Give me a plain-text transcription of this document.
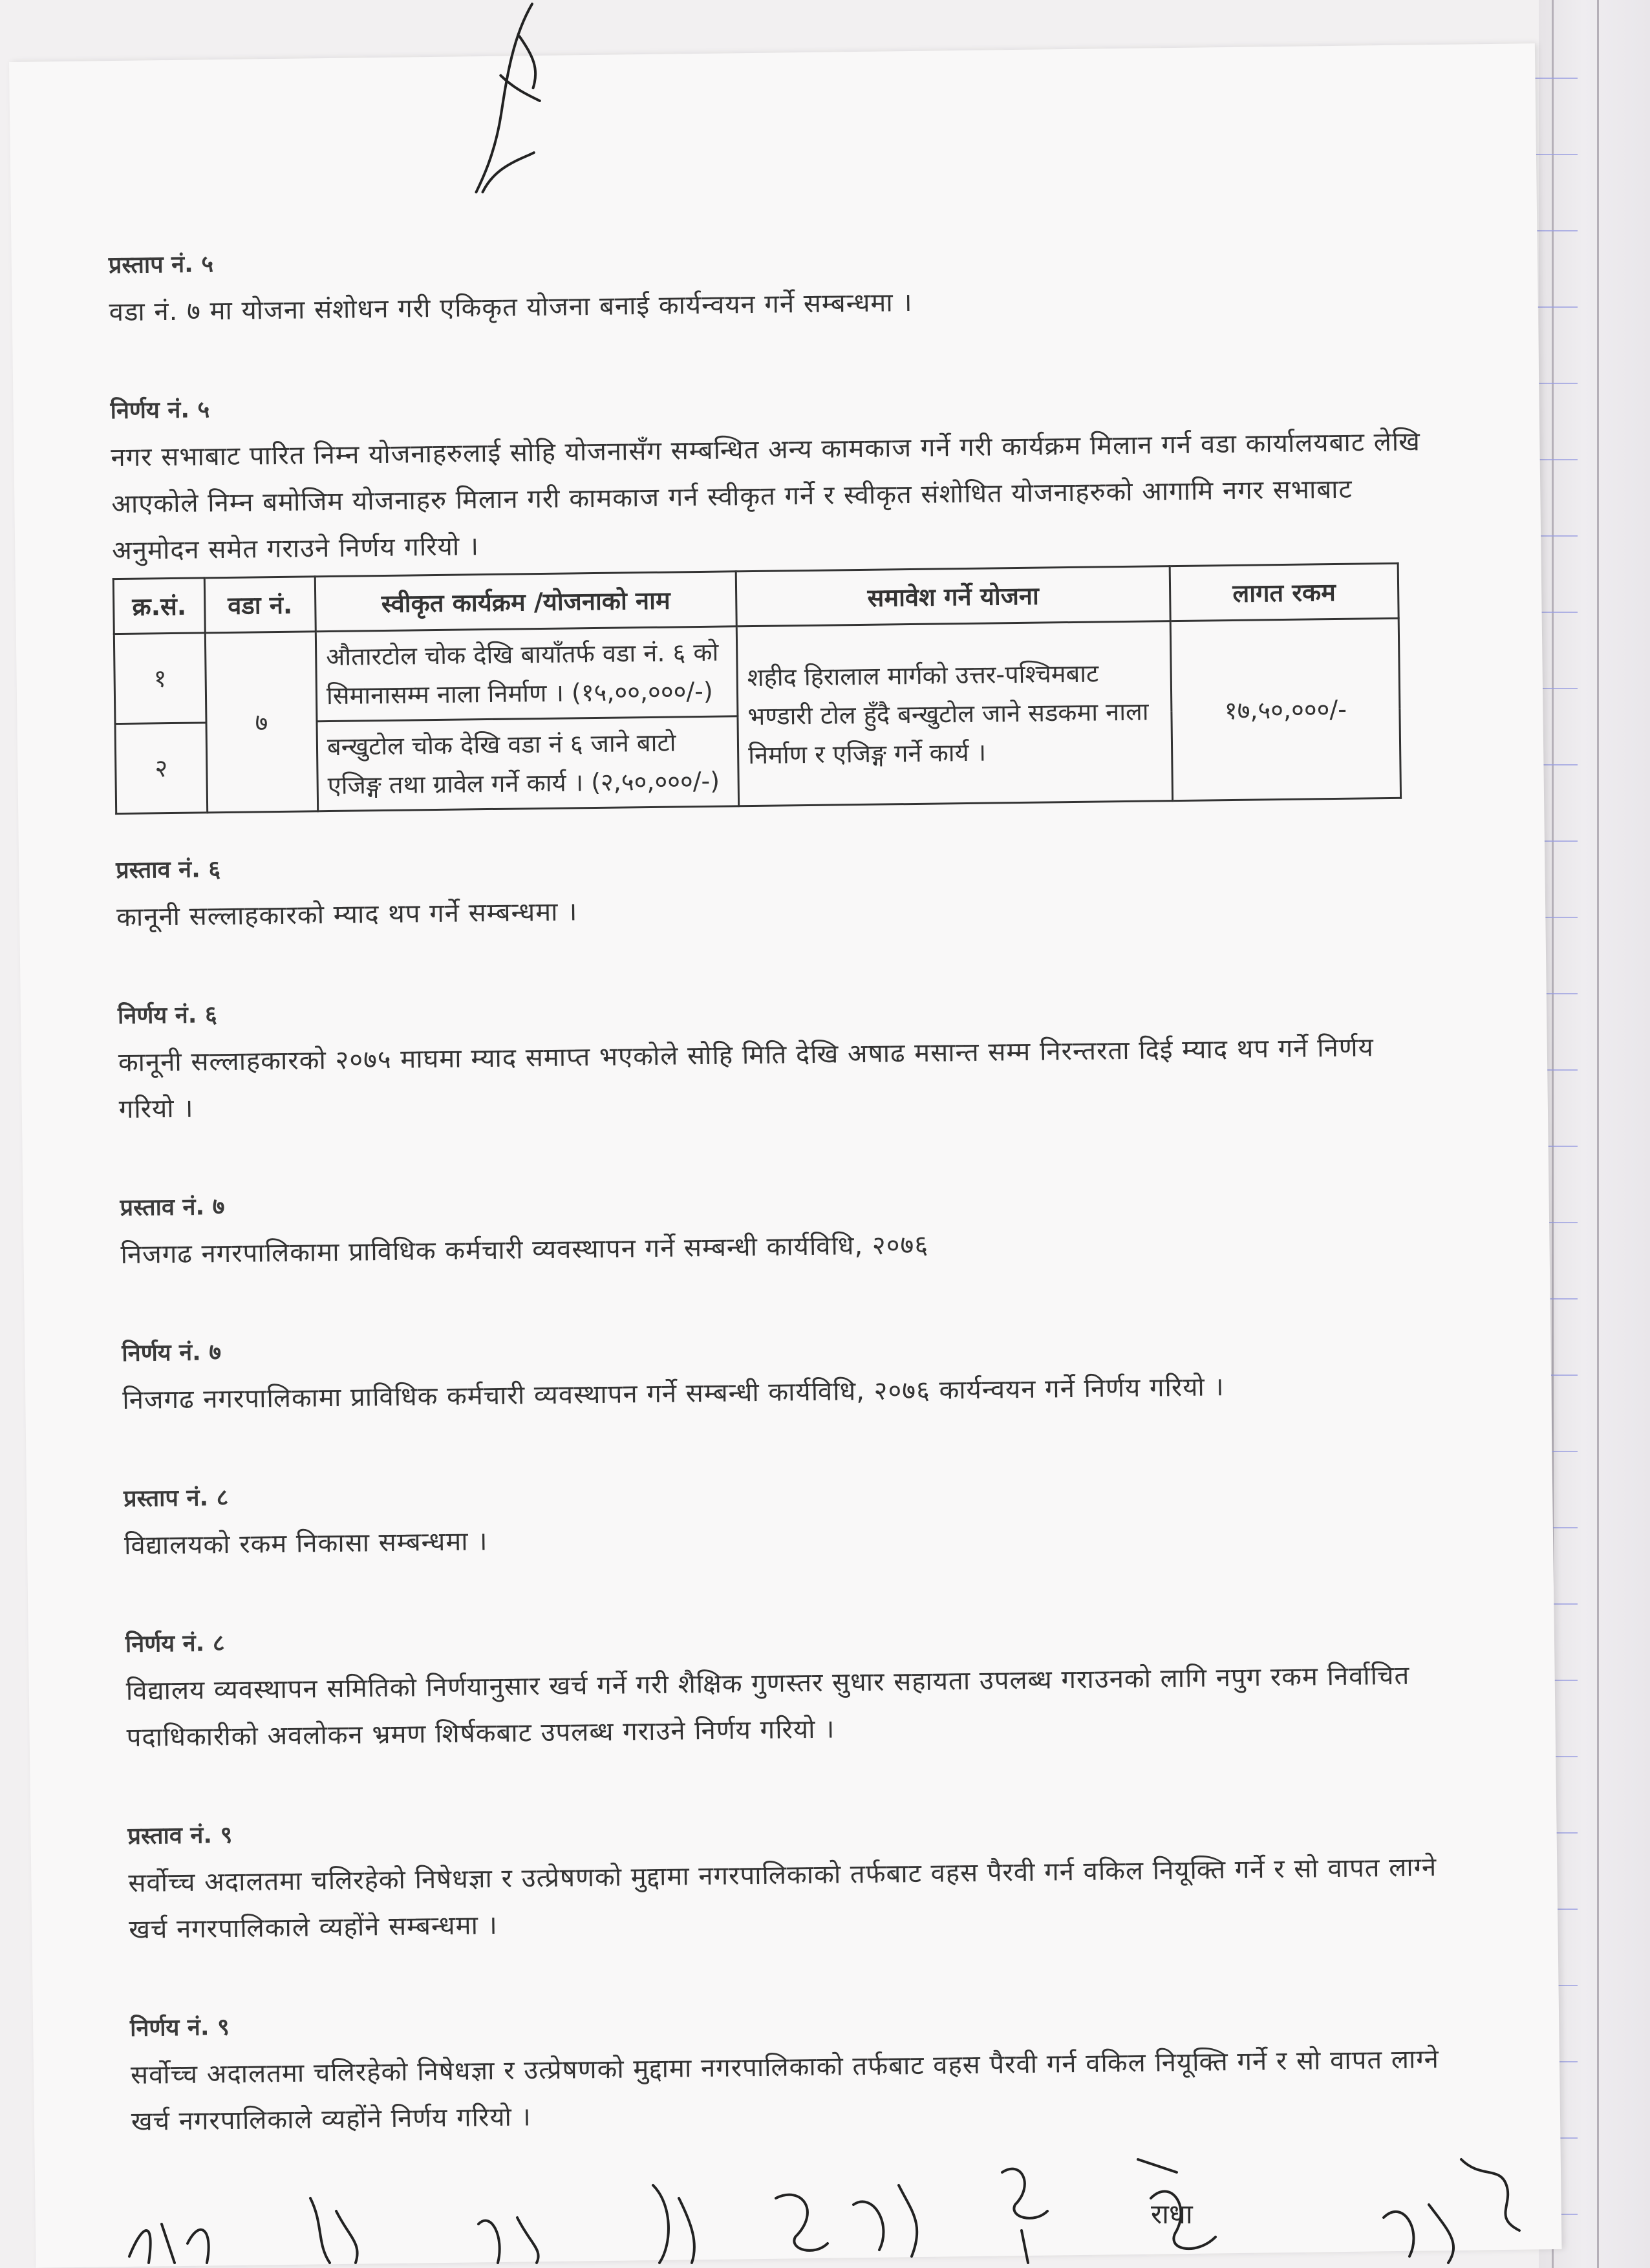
प्रस्ताप नं. ५
वडा नं. ७ मा योजना संशोधन गरी एकिकृत योजना बनाई कार्यन्वयन गर्ने सम्बन्धमा ।
निर्णय नं. ५
नगर सभाबाट पारित निम्न योजनाहरुलाई सोहि योजनासँग सम्बन्धित अन्य कामकाज गर्ने गरी कार्यक्रम मिलान गर्न वडा कार्यालयबाट लेखि आएकोले निम्न बमोजिम योजनाहरु मिलान गरी कामकाज गर्न स्वीकृत गर्ने र स्वीकृत संशोधित योजनाहरुको आगामि नगर सभाबाट अनुमोदन समेत गराउने निर्णय गरियो ।
क्र.सं.	वडा नं.	स्वीकृत कार्यक्रम /योजनाको नाम	समावेश गर्ने योजना	लागत रकम
१	७	औतारटोल चोक देखि बायाँतर्फ वडा नं. ६ को सिमानासम्म नाला निर्माण । (१५,००,०००/-)	शहीद हिरालाल मार्गको उत्तर-पश्चिमबाट भण्डारी टोल हुँदै बन्खुटोल जाने सडकमा नाला निर्माण र एजिङ्ग गर्ने कार्य ।	१७,५०,०००/-
२		बन्खुटोल चोक देखि वडा नं ६ जाने बाटो एजिङ्ग तथा ग्रावेल गर्ने कार्य । (२,५०,०००/-)		
प्रस्ताव नं. ६
कानूनी सल्लाहकारको म्याद थप गर्ने सम्बन्धमा ।
निर्णय नं. ६
कानूनी सल्लाहकारको २०७५ माघमा म्याद समाप्त भएकोले सोहि मिति देखि अषाढ मसान्त सम्म निरन्तरता दिई म्याद थप गर्ने निर्णय गरियो ।
प्रस्ताव नं. ७
निजगढ नगरपालिकामा प्राविधिक कर्मचारी व्यवस्थापन गर्ने सम्बन्धी कार्यविधि, २०७६
निर्णय नं. ७
निजगढ नगरपालिकामा प्राविधिक कर्मचारी व्यवस्थापन गर्ने सम्बन्धी कार्यविधि, २०७६ कार्यन्वयन गर्ने निर्णय गरियो ।
प्रस्ताप नं. ८
विद्यालयको रकम निकासा सम्बन्धमा ।
निर्णय नं. ८
विद्यालय व्यवस्थापन समितिको निर्णयानुसार खर्च गर्ने गरी शैक्षिक गुणस्तर सुधार सहायता उपलब्ध गराउनको लागि नपुग रकम निर्वाचित पदाधिकारीको अवलोकन भ्रमण शिर्षकबाट उपलब्ध गराउने निर्णय गरियो ।
प्रस्ताव नं. ९
सर्वोच्च अदालतमा चलिरहेको निषेधज्ञा र उत्प्रेषणको मुद्दामा नगरपालिकाको तर्फबाट वहस पैरवी गर्न वकिल नियूक्ति गर्ने र सो वापत लाग्ने खर्च नगरपालिकाले व्यहोंने सम्बन्धमा ।
निर्णय नं. ९
सर्वोच्च अदालतमा चलिरहेको निषेधज्ञा र उत्प्रेषणको मुद्दामा नगरपालिकाको तर्फबाट वहस पैरवी गर्न वकिल नियूक्ति गर्ने र सो वापत लाग्ने खर्च नगरपालिकाले व्यहोंने निर्णय गरियो ।
राधा
